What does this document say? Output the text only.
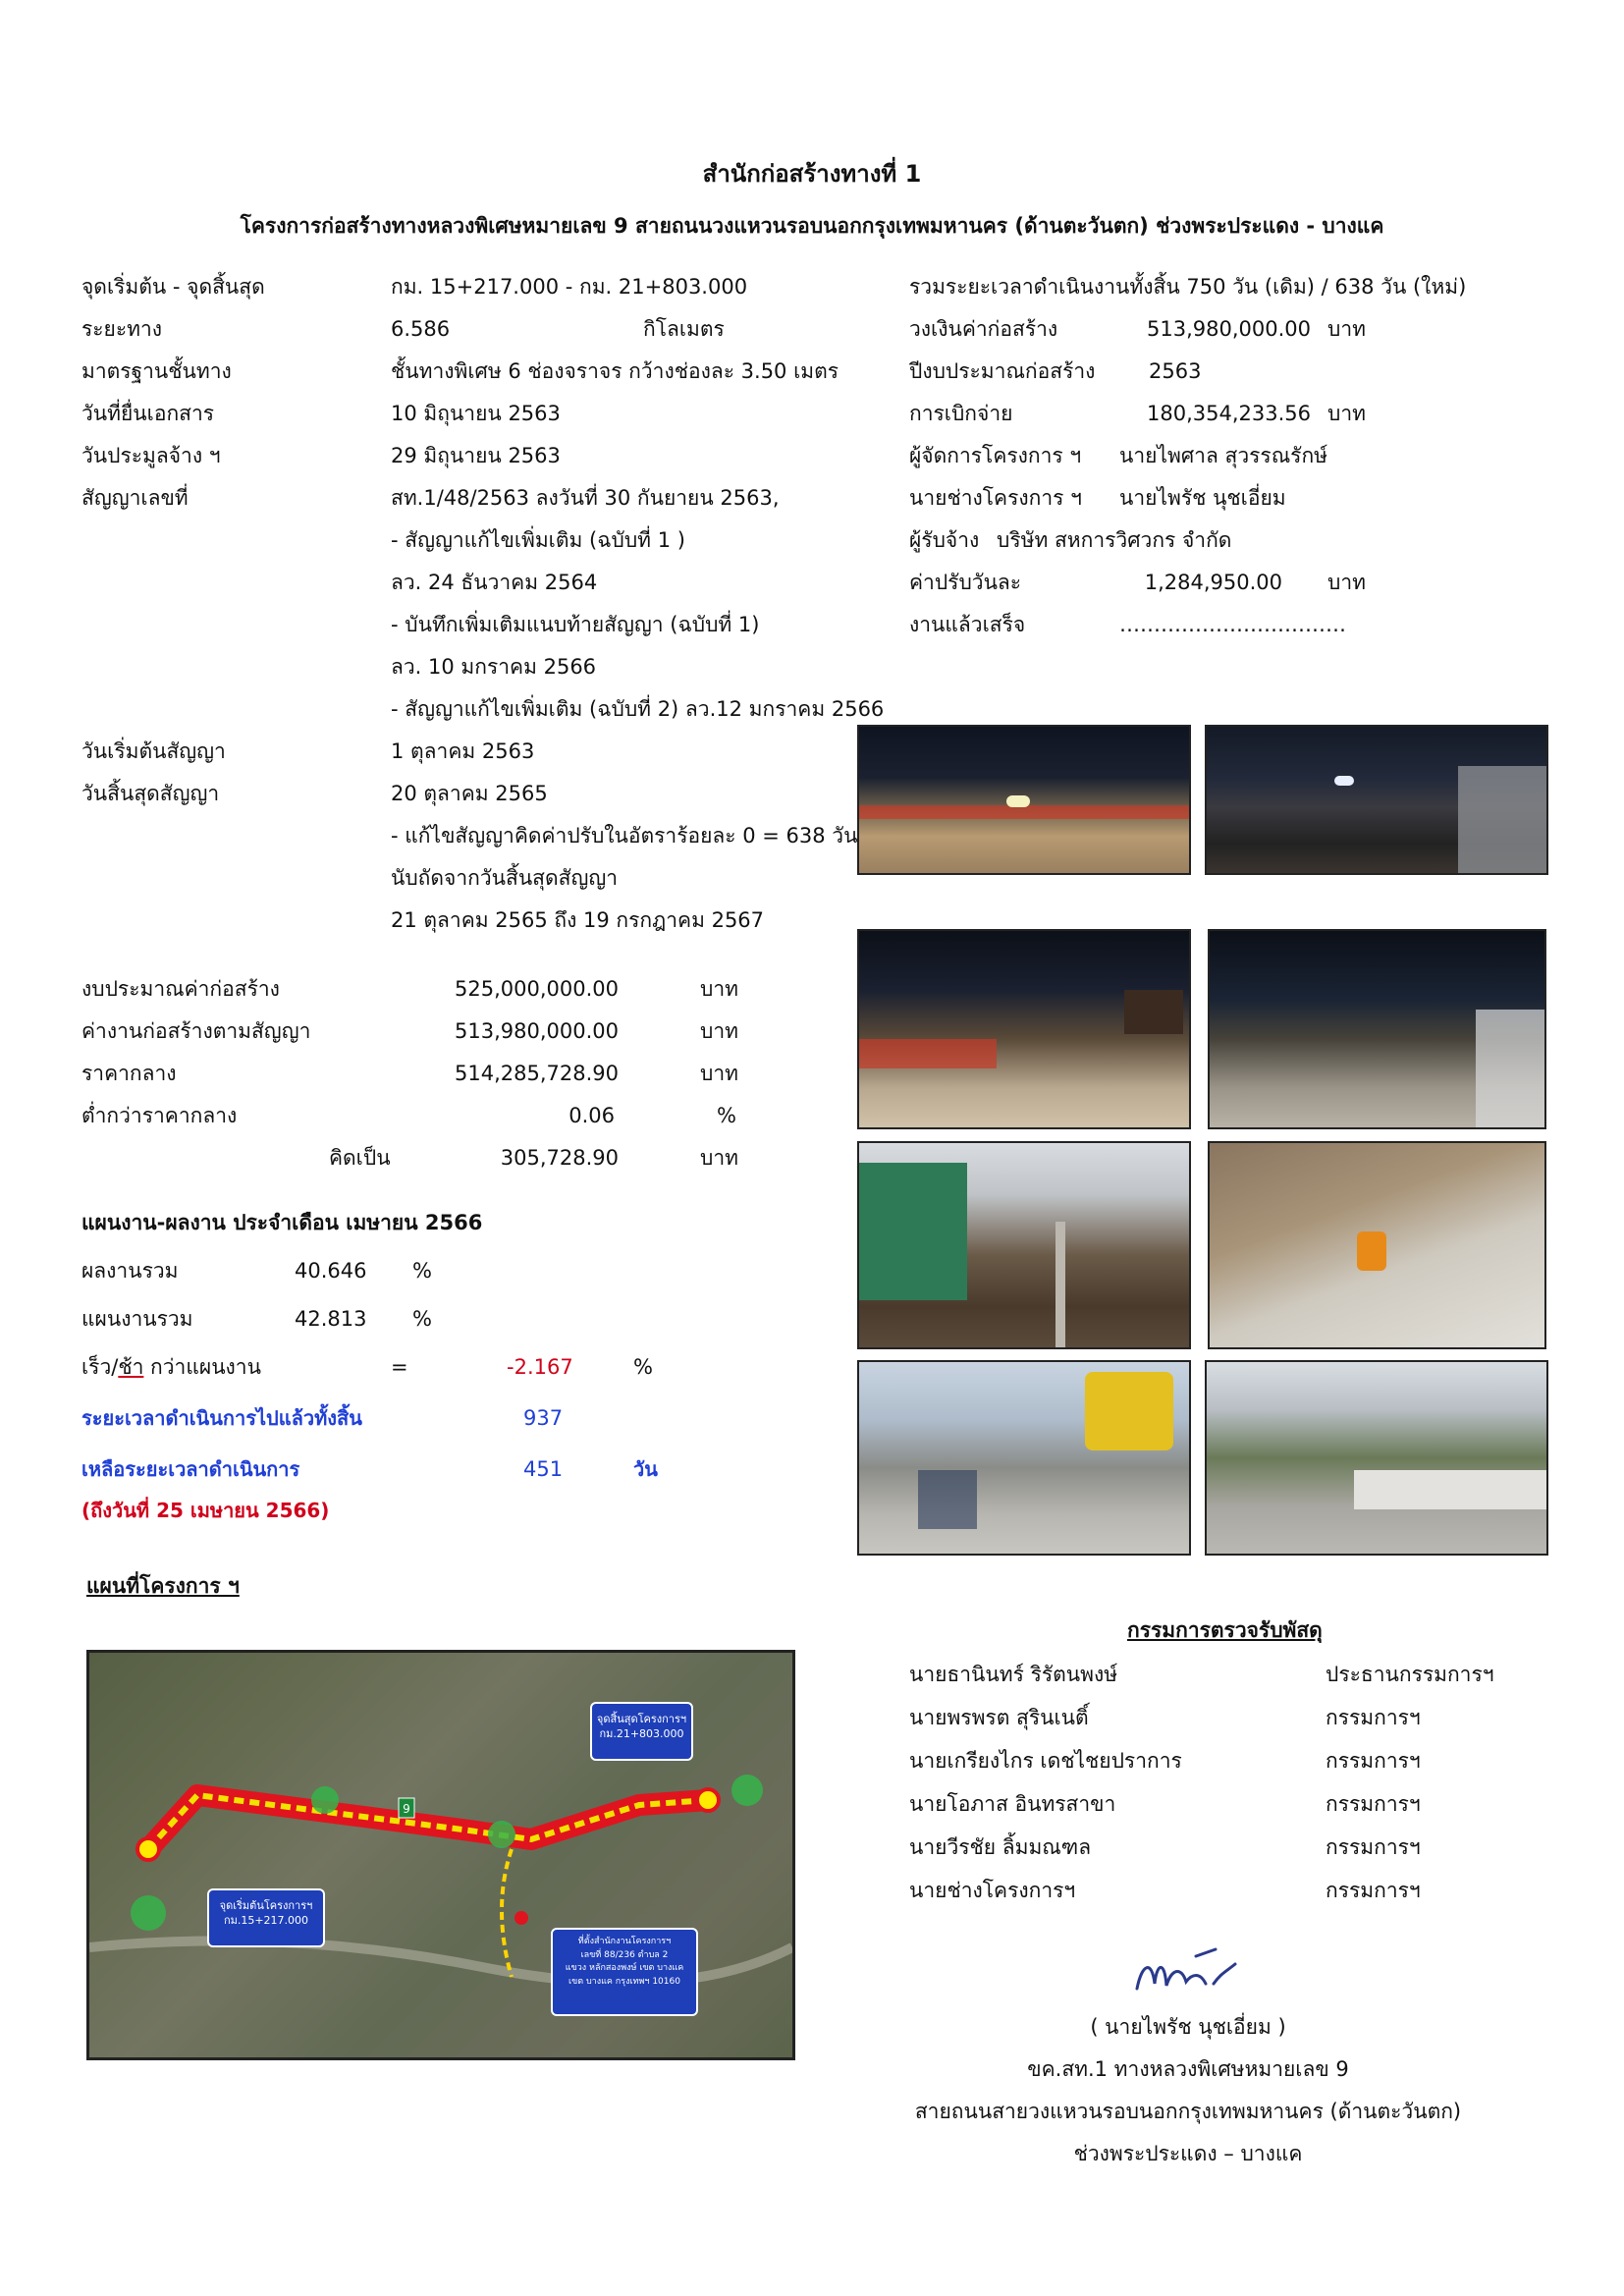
สำนักก่อสร้างทางที่ 1
โครงการก่อสร้างทางหลวงพิเศษหมายเลข 9 สายถนนวงแหวนรอบนอกกรุงเทพมหานคร (ด้านตะวันตก) ช่วงพระประแดง - บางแค
จุดเริ่มต้น - จุดสิ้นสุด	กม. 15+217.000 - กม. 21+803.000
ระยะทาง	6.586	กิโลเมตร
มาตรฐานชั้นทาง	ชั้นทางพิเศษ 6 ช่องจราจร กว้างช่องละ 3.50 เมตร
วันที่ยื่นเอกสาร	10 มิถุนายน 2563
วันประมูลจ้าง ฯ	29 มิถุนายน 2563
สัญญาเลขที่	สท.1/48/2563 ลงวันที่ 30 กันยายน 2563,
- สัญญาแก้ไขเพิ่มเติม (ฉบับที่ 1 )
ลว. 24 ธันวาคม 2564
- บันทึกเพิ่มเติมแนบท้ายสัญญา (ฉบับที่ 1)
ลว. 10 มกราคม 2566
- สัญญาแก้ไขเพิ่มเติม (ฉบับที่ 2) ลว.12 มกราคม 2566
วันเริ่มต้นสัญญา	1 ตุลาคม 2563
วันสิ้นสุดสัญญา	20 ตุลาคม 2565
- แก้ไขสัญญาคิดค่าปรับในอัตราร้อยละ 0 = 638 วัน
นับถัดจากวันสิ้นสุดสัญญา
21 ตุลาคม 2565 ถึง 19 กรกฎาคม 2567
รวมระยะเวลาดำเนินงานทั้งสิ้น 750 วัน (เดิม) / 638 วัน (ใหม่)
วงเงินค่าก่อสร้าง	513,980,000.00 บาท
ปีงบประมาณก่อสร้าง	2563
การเบิกจ่าย	180,354,233.56 บาท
ผู้จัดการโครงการ ฯ นายไพศาล สุวรรณรักษ์
นายช่างโครงการ ฯ นายไพรัช นุชเอี่ยม
ผู้รับจ้าง บริษัท สหการวิศวกร จำกัด
ค่าปรับวันละ	1,284,950.00 บาท
งานแล้วเสร็จ	……………………………
งบประมาณค่าก่อสร้าง	525,000,000.00	บาท
ค่างานก่อสร้างตามสัญญา	513,980,000.00	บาท
ราคากลาง	514,285,728.90	บาท
ต่ำกว่าราคากลาง	0.06	%
คิดเป็น	305,728.90	บาท
แผนงาน-ผลงาน ประจำเดือน เมษายน 2566
ผลงานรวม	40.646 %
แผนงานรวม	42.813 %
เร็ว/ช้า กว่าแผนงาน	=	-2.167	%
ระยะเวลาดำเนินการไปแล้วทั้งสิ้น	937
เหลือระยะเวลาดำเนินการ	451	วัน
(ถึงวันที่ 25 เมษายน 2566)
แผนที่โครงการ ฯ
9
จุดสิ้นสุดโครงการฯ
กม.21+803.000
จุดเริ่มต้นโครงการฯ
กม.15+217.000
ที่ตั้งสำนักงานโครงการฯ
เลขที่ 88/236 ตำบล 2
แขวง หลักสองพงษ์ เขต บางแค
เขต บางแค กรุงเทพฯ 10160
กรรมการตรวจรับพัสดุ
นายธานินทร์ ริรัตนพงษ์	ประธานกรรมการฯ
นายพรพรต สุรินเนติ์	กรรมการฯ
นายเกรียงไกร เดชไชยปราการ	กรรมการฯ
นายโอภาส อินทรสาขา	กรรมการฯ
นายวีรชัย ลิ้มมณฑล	กรรมการฯ
นายช่างโครงการฯ	กรรมการฯ
( นายไพรัช นุชเอี่ยม )
ขค.สท.1 ทางหลวงพิเศษหมายเลข 9
สายถนนสายวงแหวนรอบนอกกรุงเทพมหานคร (ด้านตะวันตก)
ช่วงพระประแดง – บางแค
